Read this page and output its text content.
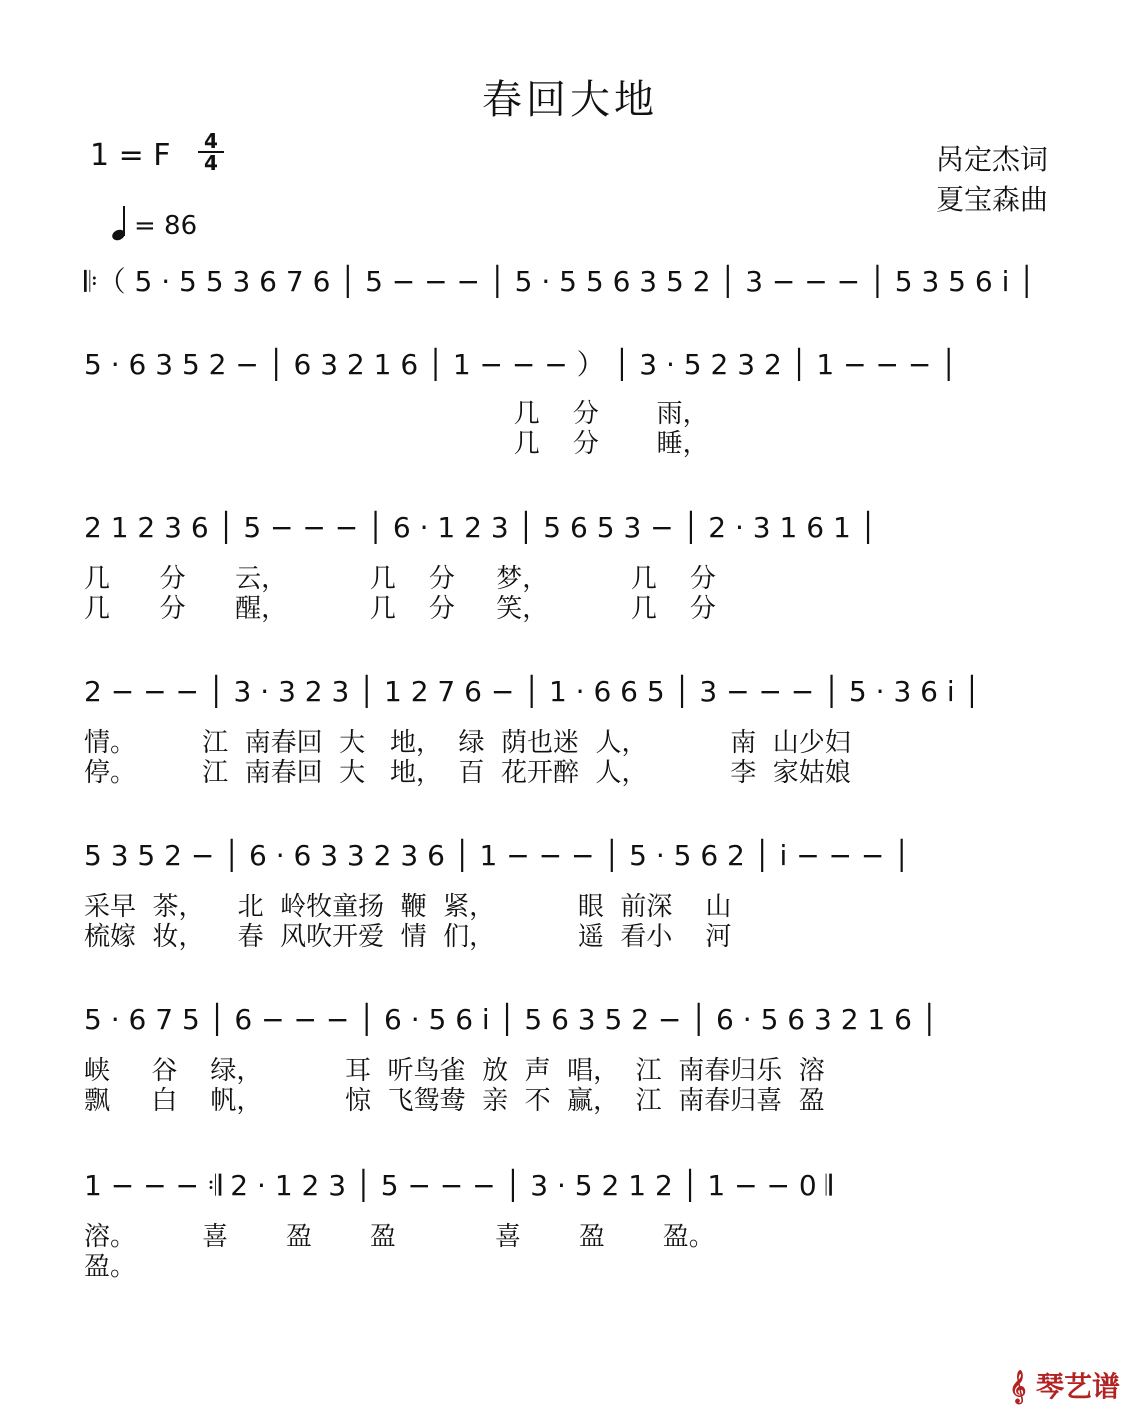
春回大地
1 = F	4
4
= 86
呙定杰词
夏宝森曲
𝄆（ 5 · 5 5 3 6 7 6 │ 5 − − − │ 5 · 5 5 6 3 5 2 │ 3 − − − │ 5 3 5 6 i │
5 · 6 3 5 2 − │ 6 3 2 1 6 │ 1 − − − ） │ 3 · 5 2 3 2 │ 1 − − − │
几    分       雨，
几    分       睡，
2 1 2 3 6 │ 5 − − − │ 6 · 1 2 3 │ 5 6 5 3 − │ 2 · 3 1 6 1 │
几      分      云，          几    分     梦，          几    分
几      分      醒，          几    分     笑，          几    分
2 − − − │ 3 · 3 2 3 │ 1 2 7 6 − │ 1 · 6 6 5 │ 3 − − − │ 5 · 3 6 i │
情。        江  南春回  大   地，  绿  荫也迷  人，          南  山少妇
停。        江  南春回  大   地，  百  花开醉  人，          李  家姑娘
5 3 5 2 − │ 6 · 6 3 3 2 3 6 │ 1 − − − │ 5 · 5 6 2 │ i − − − │
采早  茶，    北  岭牧童扬  鞭  紧，          眼  前深    山
梳嫁  妆，    春  风吹开爱  情  们，          遥  看小    河
5 · 6 7 5 │ 6 − − − │ 6 · 5 6 i │ 5 6 3 5 2 − │ 6 · 5 6 3 2 1 6 │
峡     谷    绿，          耳  听鸟雀  放  声  唱，  江  南春归乐  溶
飘     白    帆，          惊  飞鸳鸯  亲  不  赢，  江  南春归喜  盈
1 − − − 𝄇 2 · 1 2 3 │ 5 − − − │ 3 · 5 2 1 2 │ 1 − − 0 𝄂
溶。        喜       盈       盈            喜       盈       盈。
盈。
𝄞 琴艺谱
